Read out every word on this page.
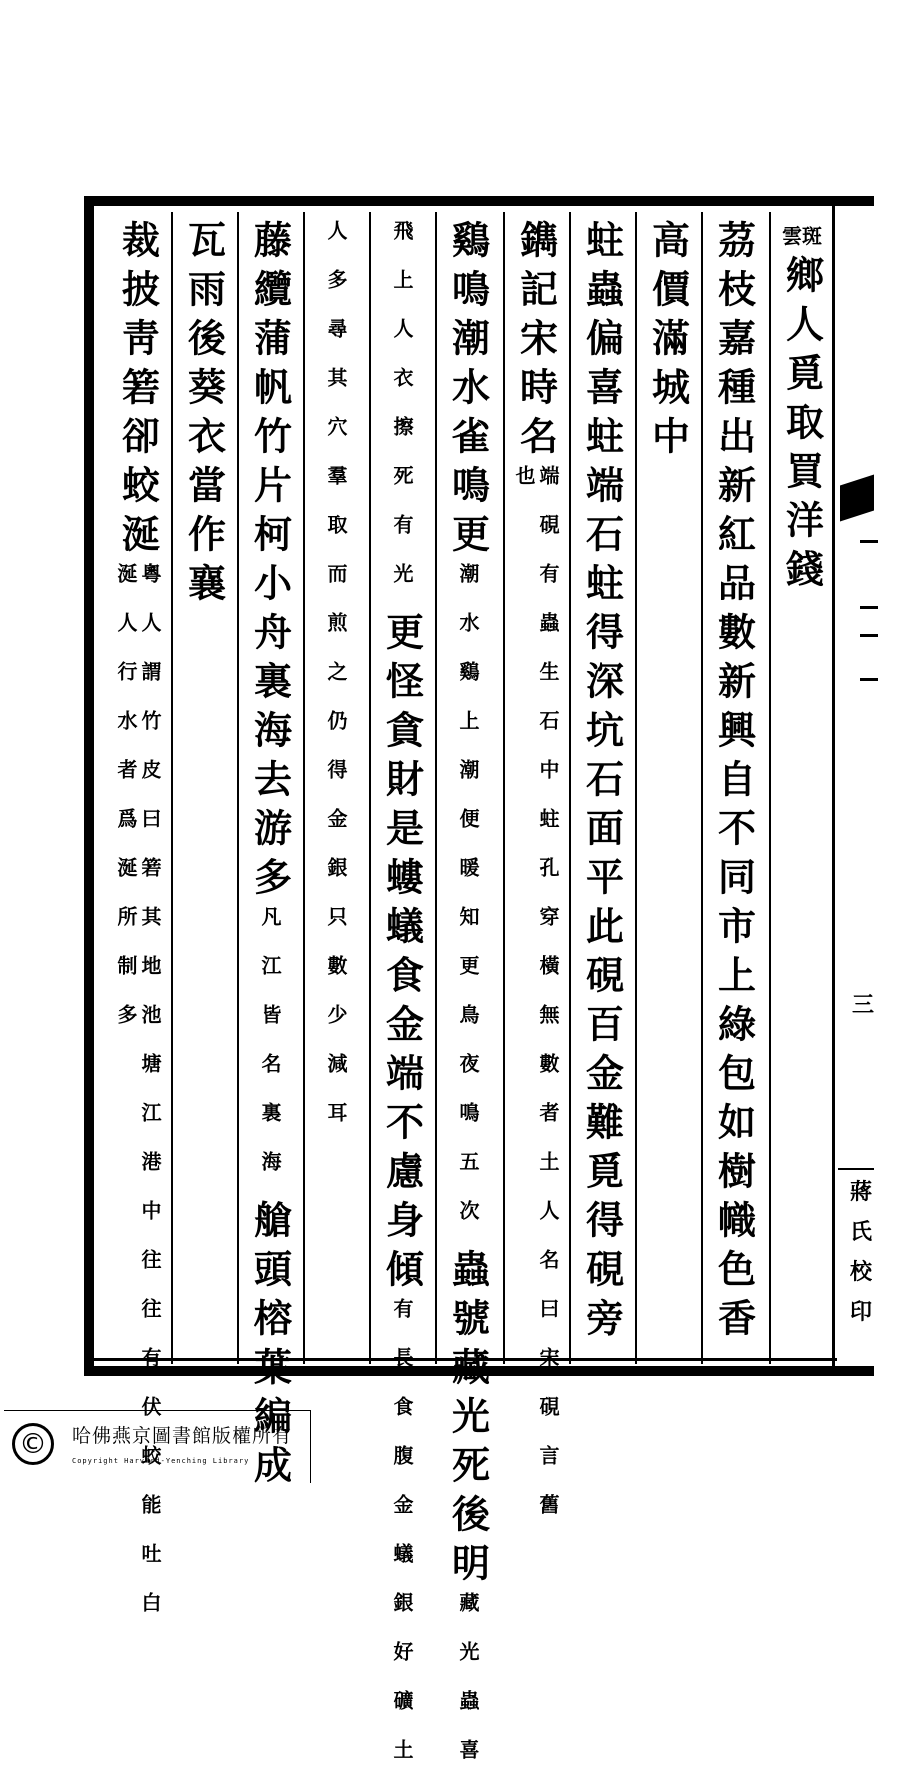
雲斑
鄉人覓取買洋錢
茘枝嘉種出新紅品數新興自不同市上綠包如樹幟色香
高價滿城中
蛀蟲偏喜蛀端石蛀得深坑石面平此硯百金難覓得硯旁
鐫記宋時名
端硯有蟲生石中蛀孔穿橫無數者土人名曰宋硯言舊也
鷄鳴潮水雀鳴更
潮水鷄上潮便暖知更鳥夜鳴五次
蟲號藏光死後明
藏光蟲喜
飛上人衣擦死有光
更怪貪財是螻蟻食金端不慮身傾
有長食腹金蟻銀好礦土
人多尋其穴羣取而煎之仍得金銀只數少減耳
藤纜蒲帆竹片柯小舟裏海去游多
凡江皆名裏海
艙頭榕葉編成
瓦雨後葵衣當作襄
裁披靑箬卻蛟涎
粵人謂竹皮曰箬其地池塘江港中往往有伏蛟能吐白涎人行水者爲涎所制多	三
蔣
氏
校
印
©	哈佛燕京圖書館版權所有
Copyright Harvard-Yenching Library
